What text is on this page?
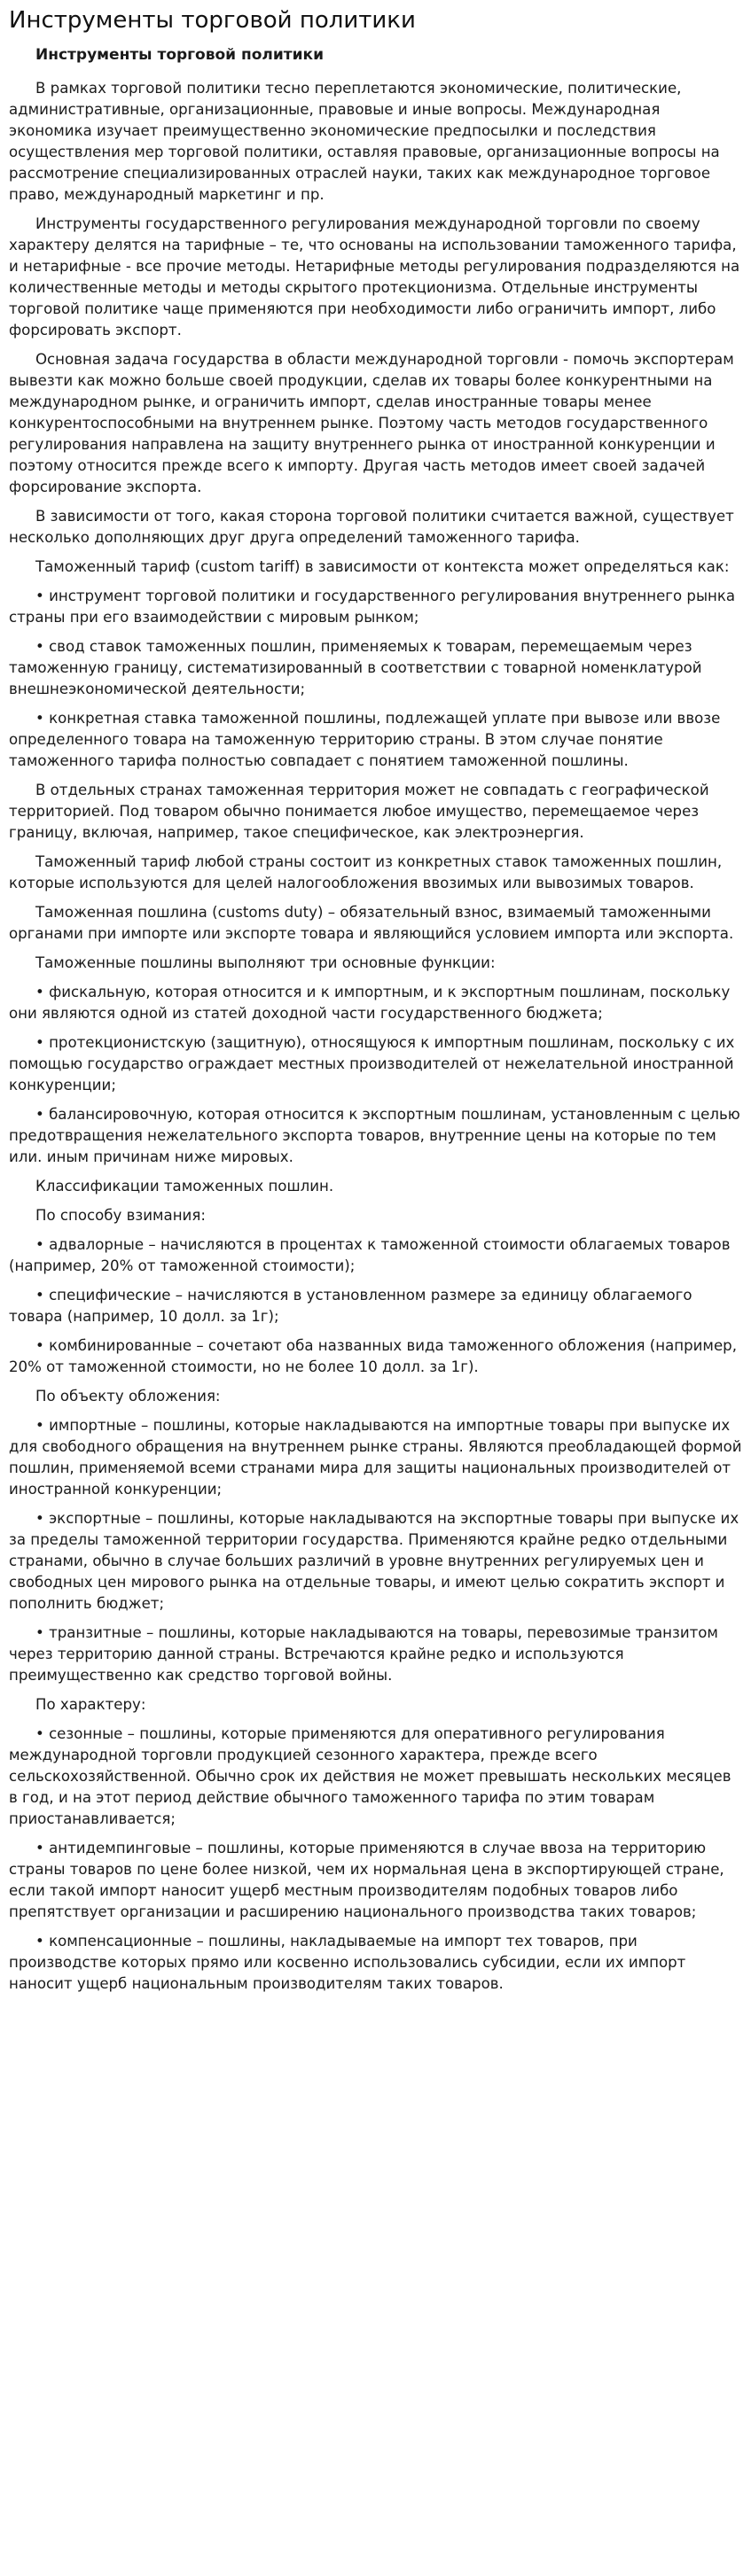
Инструменты торговой политики
Инструменты торговой политики

В рамках торговой политики тесно переплетаются экономические, политические, административные, организационные, правовые и иные вопросы. Международная экономика изучает преимущественно экономические предпосылки и последствия осуществления мер торговой политики, оставляя правовые, организационные вопросы на рассмотрение специализированных отраслей науки, таких как международное торговое право, международный маркетинг и пр.

Инструменты государственного регулирования международной торговли по своему характеру делятся на тарифные – те, что основаны на использовании таможенного тарифа, и нетарифные - все прочие методы. Нетарифные методы регулирования подразделяются на количественные методы и методы скрытого протекционизма. Отдельные инструменты торговой политике чаще применяются при необходимости либо ограничить импорт, либо форсировать экспорт.

Основная задача государства в области международной торговли - помочь экспортерам вывезти как можно больше своей продукции, сделав их товары более конкурентными на международном рынке, и ограничить импорт, сделав иностранные товары менее конкурентоспособными на внутреннем рынке. Поэтому часть методов государственного регулирования направлена на защиту внутреннего рынка от иностранной конкуренции и поэтому относится прежде всего к импорту. Другая часть методов имеет своей задачей форсирование экспорта.

В зависимости от того, какая сторона торговой политики считается важной, существует несколько дополняющих друг друга определений таможенного тарифа.

Таможенный тариф (custom tariff) в зависимости от контекста может определяться как:

• инструмент торговой политики и государственного регулирования внутреннего рынка страны при его взаимодействии с мировым рынком;

• свод ставок таможенных пошлин, применяемых к товарам, перемещаемым через таможенную границу, систематизированный в соответствии с товарной номенклатурой внешнеэкономической деятельности;

• конкретная ставка таможенной пошлины, подлежащей уплате при вывозе или ввозе определенного товара на таможенную территорию страны. В этом случае понятие таможенного тарифа полностью совпадает с понятием таможенной пошлины.

В отдельных странах таможенная территория может не совпадать с географической территорией. Под товаром обычно понимается любое имущество, перемещаемое через границу, включая, например, такое специфическое, как электроэнергия.

Таможенный тариф любой страны состоит из конкретных ставок таможенных пошлин, которые используются для целей налогообложения ввозимых или вывозимых товаров.

Таможенная пошлина (customs duty) – обязательный взнос, взимаемый таможенными органами при импорте или экспорте товара и являющийся условием импорта или экспорта.

Таможенные пошлины выполняют три основные функции:

• фискальную, которая относится и к импортным, и к экспортным пошлинам, поскольку они являются одной из статей доходной части государственного бюджета;

• протекционистскую (защитную), относящуюся к импортным пошлинам, поскольку с их помощью государство ограждает местных производителей от нежелательной иностранной конкуренции;

• балансировочную, которая относится к экспортным пошлинам, установленным с целью предотвращения нежелательного экспорта товаров, внутренние цены на которые по тем или. иным причинам ниже мировых.

Классификации таможенных пошлин.

По способу взимания:

• адвалорные – начисляются в процентах к таможенной стоимости облагаемых товаров (например, 20% от таможенной стоимости);

• специфические – начисляются в установленном размере за единицу облагаемого товара (например, 10 долл. за 1г);

• комбинированные – сочетают оба названных вида таможенного обложения (например, 20% от таможенной стоимости, но не более 10 долл. за 1г).

По объекту обложения:

• импортные – пошлины, которые накладываются на импортные товары при выпуске их для свободного обращения на внутреннем рынке страны. Являются преобладающей формой пошлин, применяемой всеми странами мира для защиты национальных производителей от иностранной конкуренции;

• экспортные – пошлины, которые накладываются на экспортные товары при выпуске их за пределы таможенной территории государства. Применяются крайне редко отдельными странами, обычно в случае больших различий в уровне внутренних регулируемых цен и свободных цен мирового рынка на отдельные товары, и имеют целью сократить экспорт и пополнить бюджет;

• транзитные – пошлины, которые накладываются на товары, перевозимые транзитом через территорию данной страны. Встречаются крайне редко и используются преимущественно как средство торговой войны.

По характеру:

• сезонные – пошлины, которые применяются для оперативного регулирования международной торговли продукцией сезонного характера, прежде всего сельскохозяйственной. Обычно срок их действия не может превышать нескольких месяцев в год, и на этот период действие обычного таможенного тарифа по этим товарам приостанавливается;

• антидемпинговые – пошлины, которые применяются в случае ввоза на территорию страны товаров по цене более низкой, чем их нормальная цена в экспортирующей стране, если такой импорт наносит ущерб местным производителям подобных товаров либо препятствует организации и расширению национального производства таких товаров;

• компенсационные – пошлины, накладываемые на импорт тех товаров, при производстве которых прямо или косвенно использовались субсидии, если их импорт наносит ущерб национальным производителям таких товаров.
